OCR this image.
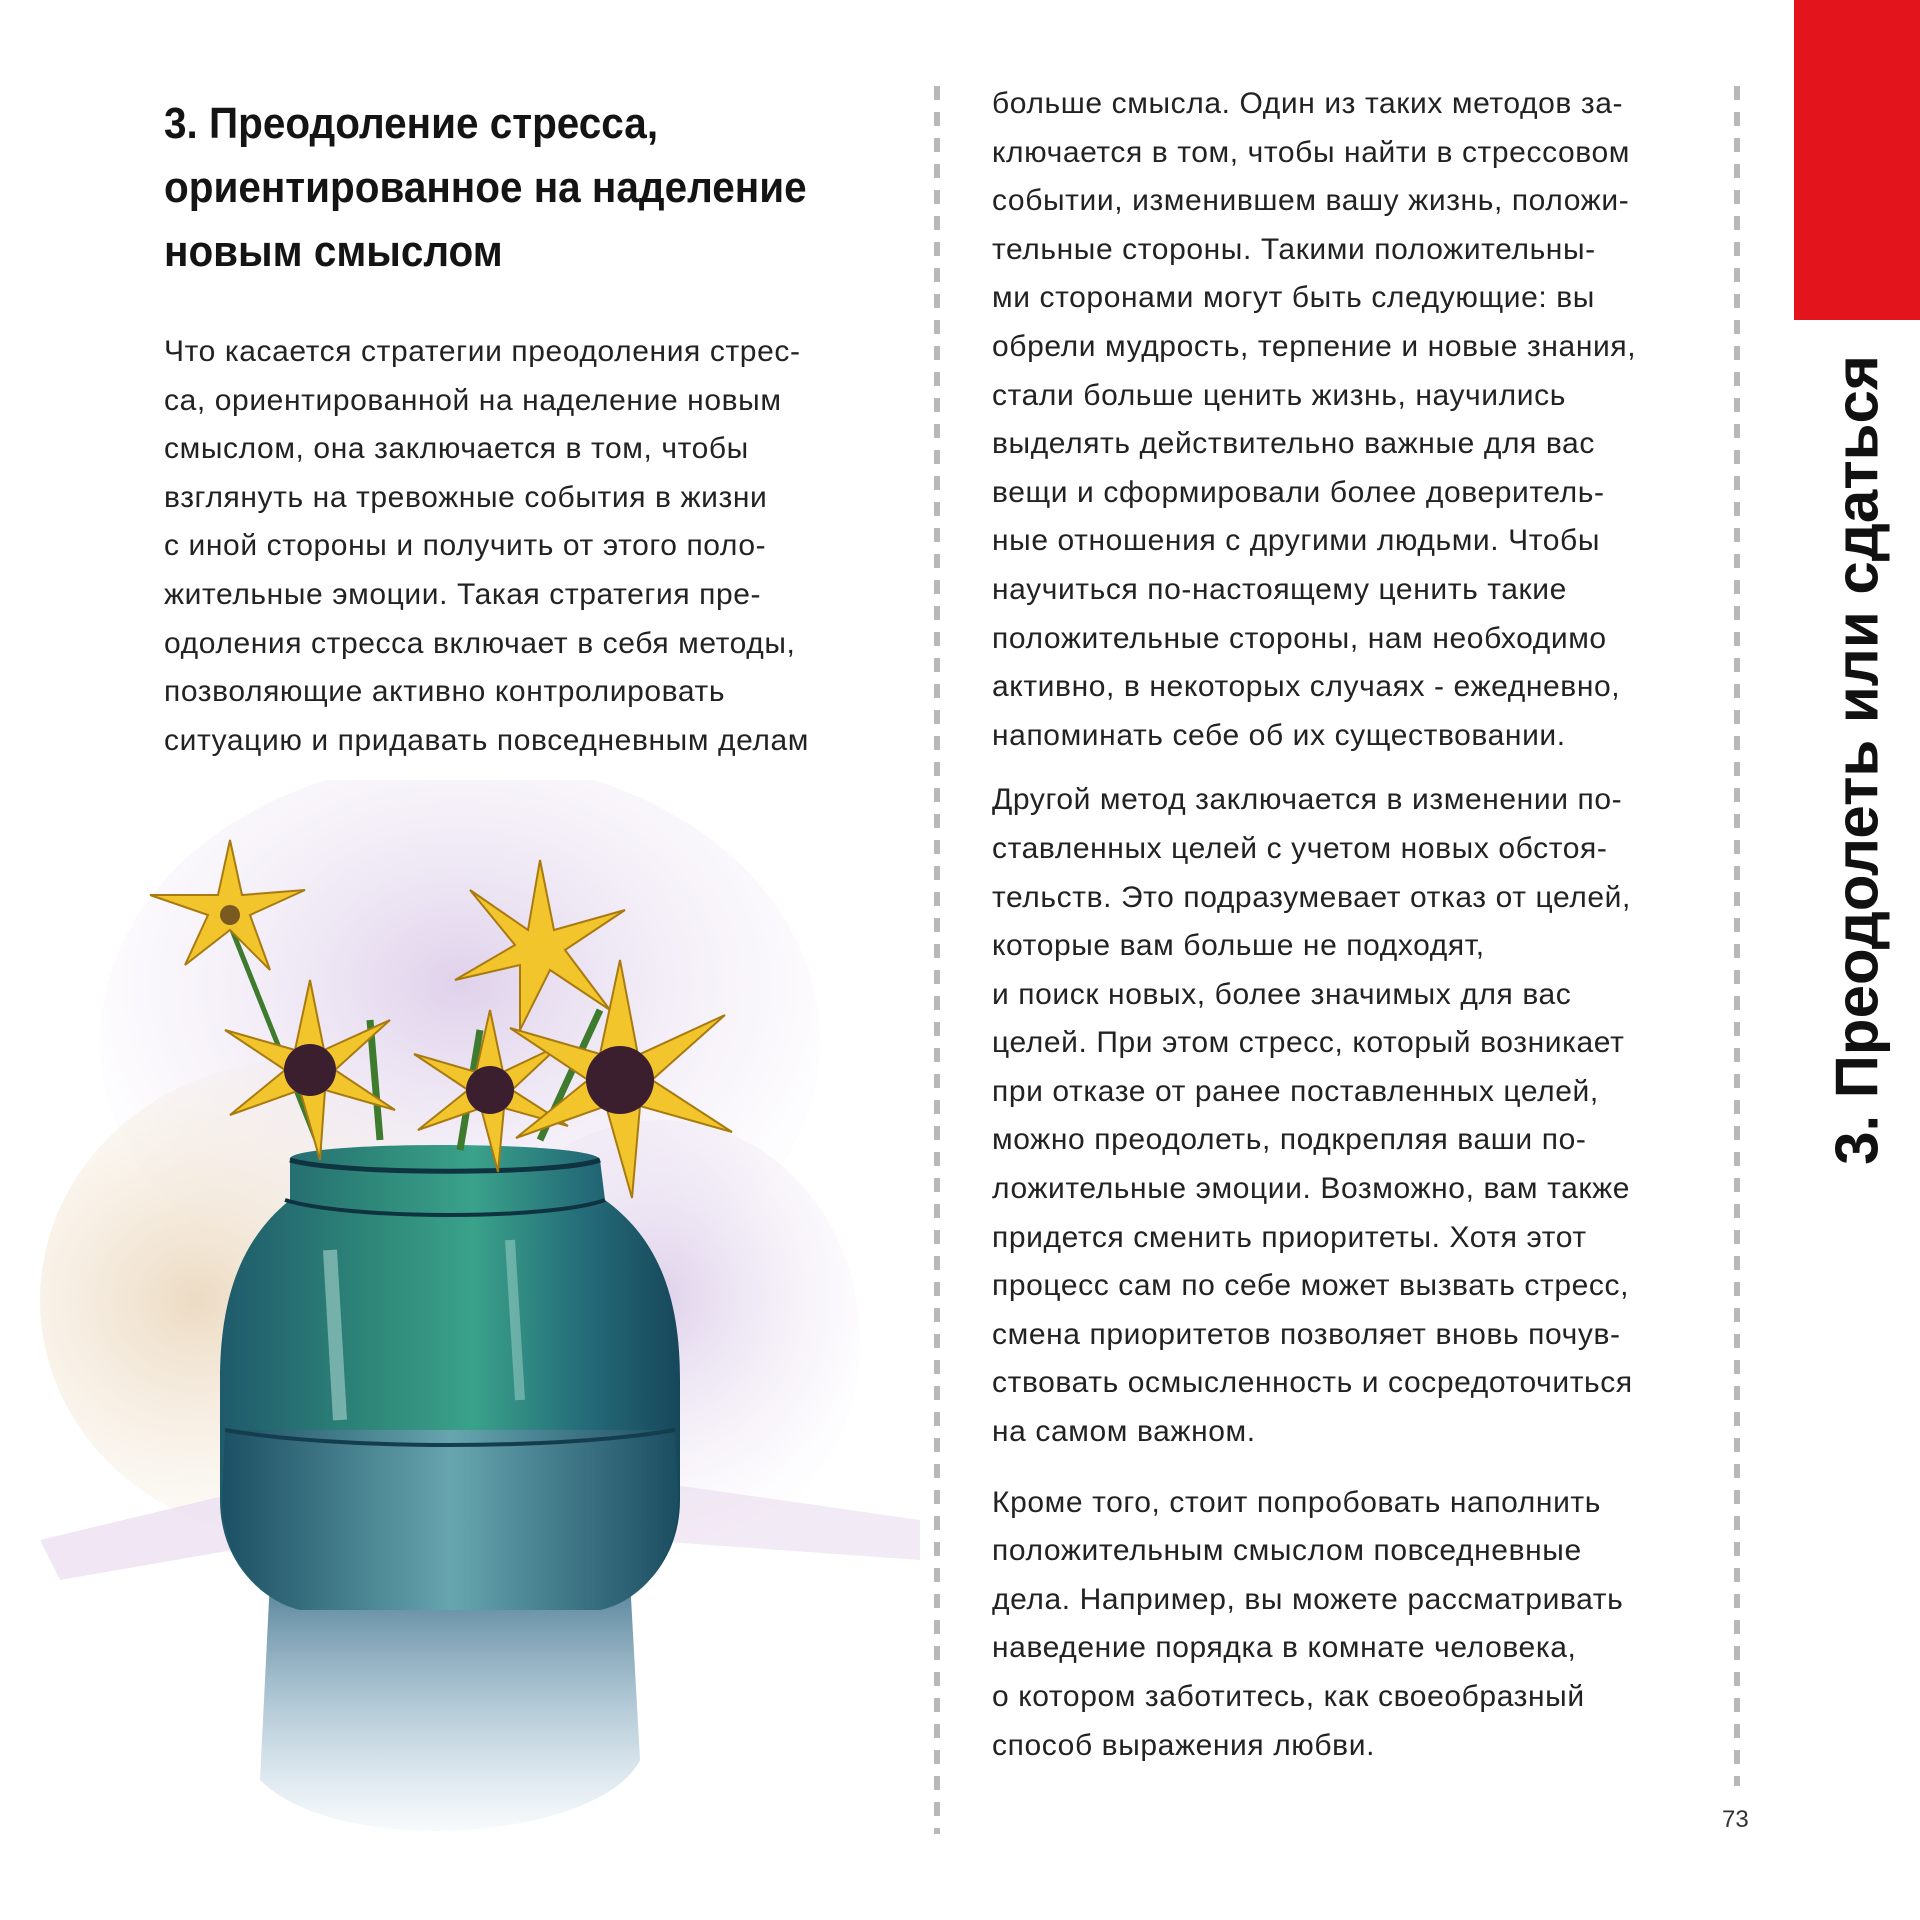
3. Преодоление стресса,
ориентированное на наделение
новым смыслом

Что касается стратегии преодоления стрес-
са, ориентированной на наделение новым
смыслом, она заключается в том, чтобы
взглянуть на тревожные события в жизни
с иной стороны и получить от этого поло-
жительные эмоции. Такая стратегия пре-
одоления стресса включает в себя методы,
позволяющие активно контролировать
ситуацию и придавать повседневным делам

больше смысла. Один из таких методов за-
ключается в том, чтобы найти в стрессовом
событии, изменившем вашу жизнь, положи-
тельные стороны. Такими положительны-
ми сторонами могут быть следующие: вы
обрели мудрость, терпение и новые знания,
стали больше ценить жизнь, научились
выделять действительно важные для вас
вещи и сформировали более доверитель-
ные отношения с другими людьми. Чтобы
научиться по-настоящему ценить такие
положительные стороны, нам необходимо
активно, в некоторых случаях - ежедневно,
напоминать себе об их существовании.

Другой метод заключается в изменении по-
ставленных целей с учетом новых обстоя-
тельств. Это подразумевает отказ от целей,
которые вам больше не подходят,
и поиск новых, более значимых для вас
целей. При этом стресс, который возникает
при отказе от ранее поставленных целей,
можно преодолеть, подкрепляя ваши по-
ложительные эмоции. Возможно, вам также
придется сменить приоритеты. Хотя этот
процесс сам по себе может вызвать стресс,
смена приоритетов позволяет вновь почув-
ствовать осмысленность и сосредоточиться
на самом важном.

Кроме того, стоит попробовать наполнить
положительным смыслом повседневные
дела. Например, вы можете рассматривать
наведение порядка в комнате человека,
о котором заботитесь, как своеобразный
способ выражения любви.

3. Преодолеть или сдаться
73
